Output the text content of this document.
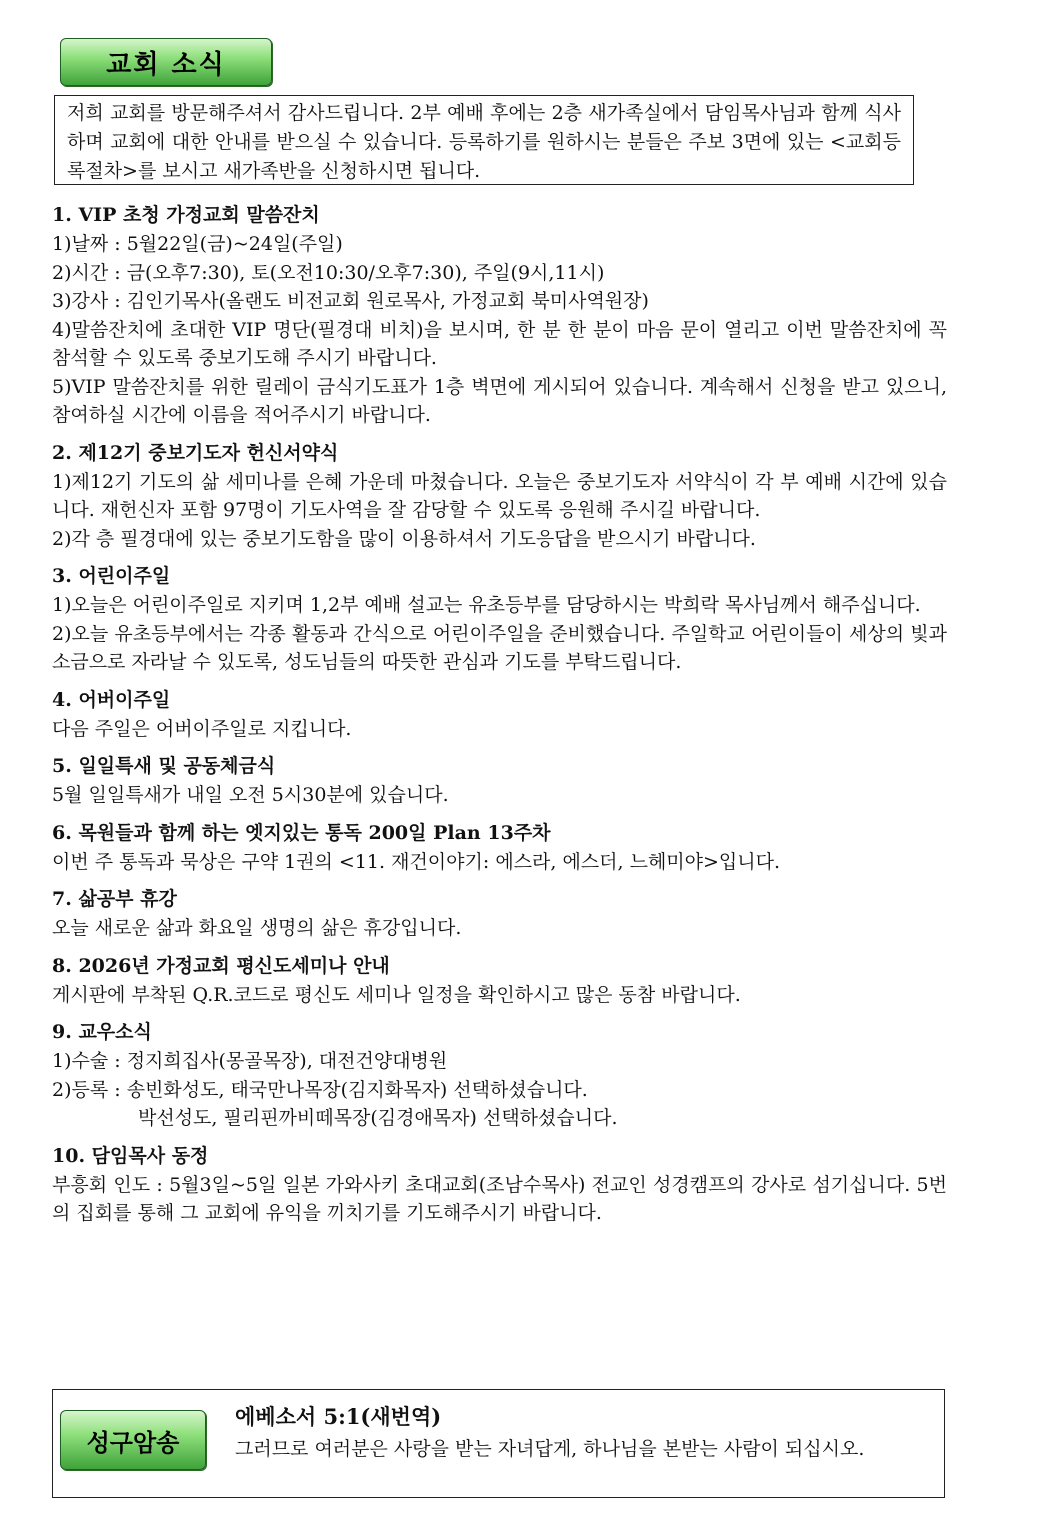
교회 소식
저희 교회를 방문해주셔서 감사드립니다. 2부 예배 후에는 2층 새가족실에서 담임목사님과 함께 식사하며 교회에 대한 안내를 받으실 수 있습니다. 등록하기를 원하시는 분들은 주보 3면에 있는 <교회등록절차>를 보시고 새가족반을 신청하시면 됩니다.
1. VIP 초청 가정교회 말씀잔치

1)날짜 : 5월22일(금)~24일(주일)

2)시간 : 금(오후7:30), 토(오전10:30/오후7:30), 주일(9시,11시)

3)강사 : 김인기목사(올랜도 비전교회 원로목사, 가정교회 북미사역원장)

4)말씀잔치에 초대한 VIP 명단(필경대 비치)을 보시며, 한 분 한 분이 마음 문이 열리고 이번 말씀잔치에 꼭 참석할 수 있도록 중보기도해 주시기 바랍니다.

5)VIP 말씀잔치를 위한 릴레이 금식기도표가 1층 벽면에 게시되어 있습니다. 계속해서 신청을 받고 있으니, 참여하실 시간에 이름을 적어주시기 바랍니다.

2. 제12기 중보기도자 헌신서약식

1)제12기 기도의 삶 세미나를 은혜 가운데 마쳤습니다. 오늘은 중보기도자 서약식이 각 부 예배 시간에 있습니다. 재헌신자 포함 97명이 기도사역을 잘 감당할 수 있도록 응원해 주시길 바랍니다.

2)각 층 필경대에 있는 중보기도함을 많이 이용하셔서 기도응답을 받으시기 바랍니다.

3. 어린이주일

1)오늘은 어린이주일로 지키며 1,2부 예배 설교는 유초등부를 담당하시는 박희락 목사님께서 해주십니다.

2)오늘 유초등부에서는 각종 활동과 간식으로 어린이주일을 준비했습니다. 주일학교 어린이들이 세상의 빛과 소금으로 자라날 수 있도록, 성도님들의 따뜻한 관심과 기도를 부탁드립니다.

4. 어버이주일

다음 주일은 어버이주일로 지킵니다.

5. 일일특새 및 공동체금식

5월 일일특새가 내일 오전 5시30분에 있습니다.

6. 목원들과 함께 하는 엣지있는 통독 200일 Plan 13주차

이번 주 통독과 묵상은 구약 1권의 <11. 재건이야기: 에스라, 에스더, 느헤미야>입니다.

7. 삶공부 휴강

오늘 새로운 삶과 화요일 생명의 삶은 휴강입니다.

8. 2026년 가정교회 평신도세미나 안내

게시판에 부착된 Q.R.코드로 평신도 세미나 일정을 확인하시고 많은 동참 바랍니다.

9. 교우소식

1)수술 : 정지희집사(몽골목장), 대전건양대병원

2)등록 : 송빈화성도, 태국만나목장(김지화목자) 선택하셨습니다.

박선성도, 필리핀까비떼목장(김경애목자) 선택하셨습니다.

10. 담임목사 동정

부흥회 인도 : 5월3일~5일 일본 가와사키 초대교회(조남수목사) 전교인 성경캠프의 강사로 섬기십니다. 5번의 집회를 통해 그 교회에 유익을 끼치기를 기도해주시기 바랍니다.

성구암송
에베소서 5:1(새번역)
그러므로 여러분은 사랑을 받는 자녀답게, 하나님을 본받는 사람이 되십시오.
